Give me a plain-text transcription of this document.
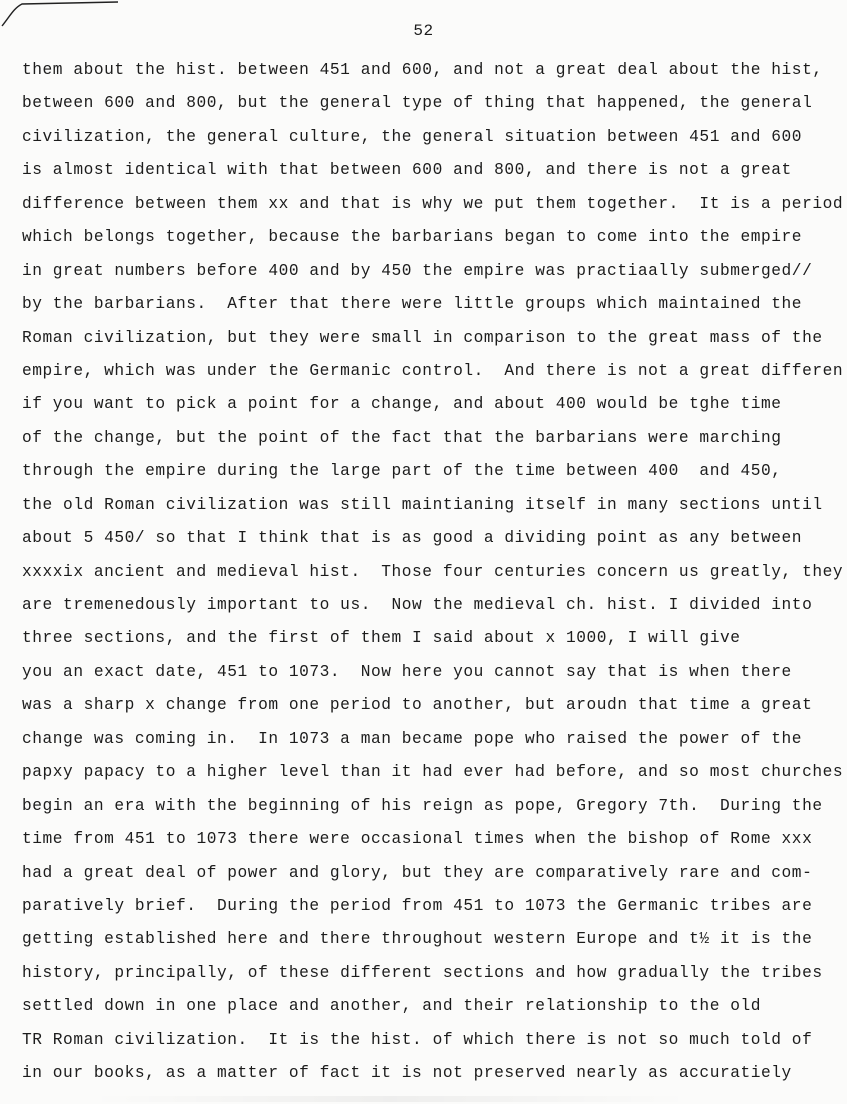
52
them about the hist. between 451 and 600, and not a great deal about the hist,
between 600 and 800, but the general type of thing that happened, the general
civilization, the general culture, the general situation between 451 and 600
is almost identical with that between 600 and 800, and there is not a great
difference between them xx and that is why we put them together.  It is a period
which belongs together, because the barbarians began to come into the empire
in great numbers before 400 and by 450 the empire was practiaally submerged//
by the barbarians.  After that there were little groups which maintained the
Roman civilization, but they were small in comparison to the great mass of the
empire, which was under the Germanic control.  And there is not a great differen
if you want to pick a point for a change, and about 400 would be tghe time
of the change, but the point of the fact that the barbarians were marching
through the empire during the large part of the time between 400  and 450,
the old Roman civilization was still maintianing itself in many sections until
about 5 450/ so that I think that is as good a dividing point as any between
xxxxix ancient and medieval hist.  Those four centuries concern us greatly, they
are tremenedously important to us.  Now the medieval ch. hist. I divided into
three sections, and the first of them I said about x 1000, I will give
you an exact date, 451 to 1073.  Now here you cannot say that is when there
was a sharp x change from one period to another, but aroudn that time a great
change was coming in.  In 1073 a man became pope who raised the power of the
papxy papacy to a higher level than it had ever had before, and so most churches
begin an era with the beginning of his reign as pope, Gregory 7th.  During the
time from 451 to 1073 there were occasional times when the bishop of Rome xxx
had a great deal of power and glory, but they are comparatively rare and com-
paratively brief.  During the period from 451 to 1073 the Germanic tribes are
getting established here and there throughout western Europe and t½ it is the
history, principally, of these different sections and how gradually the tribes
settled down in one place and another, and their relationship to the old
TR Roman civilization.  It is the hist. of which there is not so much told of
in our books, as a matter of fact it is not preserved nearly as accuratiely
